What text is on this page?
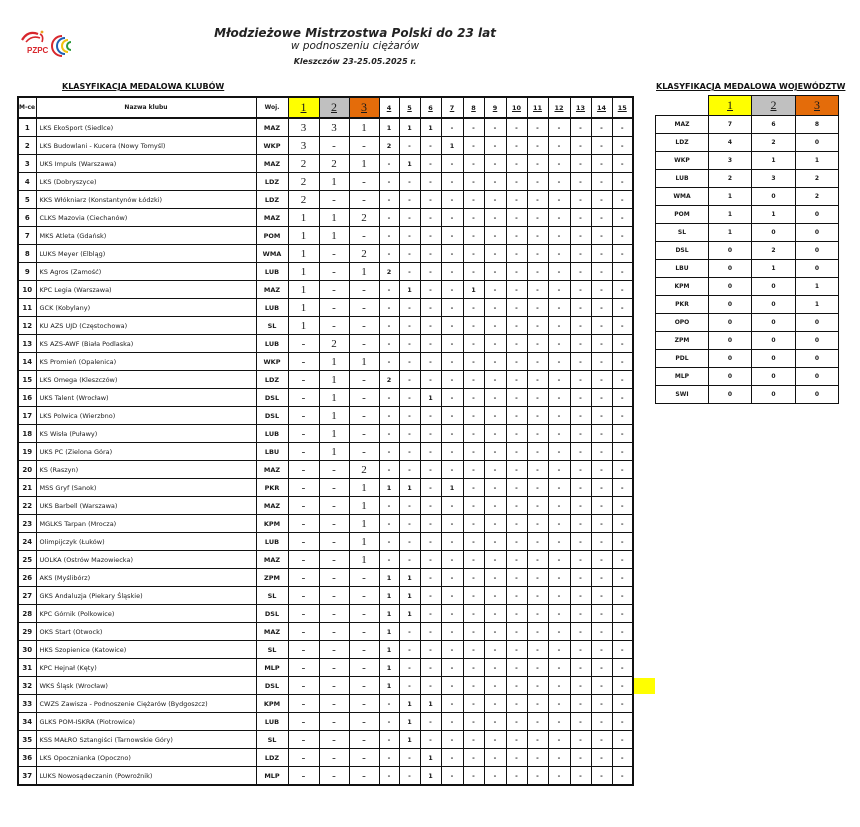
PZPC
Młodzieżowe Mistrzostwa Polski do 23 lat
w podnoszeniu ciężarów
Kleszczów 23-25.05.2025 r.
KLASYFIKACJA MEDALOWA KLUBÓW	KLASYFIKACJA MEDALOWA WOJEWÓDZTW
M-ce	Nazwa klubu	Woj.	1	2	3	4	5	6	7	8	9	10	11	12	13	14	15
1	LKS EkoSport (Siedlce)	MAZ	3	3	1	1	1	1	-	-	-	-	-	-	-	-	-
2	LKS Budowlani - Kucera (Nowy Tomyśl)	WKP	3	-	-	2	-	-	1	-	-	-	-	-	-	-	-
3	UKS Impuls (Warszawa)	MAZ	2	2	1	-	1	-	-	-	-	-	-	-	-	-	-
4	LKS (Dobryszyce)	LDZ	2	1	-	-	-	-	-	-	-	-	-	-	-	-	-
5	KKS Włókniarz (Konstantynów Łódzki)	LDZ	2	-	-	-	-	-	-	-	-	-	-	-	-	-	-
6	CLKS Mazovia (Ciechanów)	MAZ	1	1	2	-	-	-	-	-	-	-	-	-	-	-	-
7	MKS Atleta (Gdańsk)	POM	1	1	-	-	-	-	-	-	-	-	-	-	-	-	-
8	LUKS Meyer (Elbląg)	WMA	1	-	2	-	-	-	-	-	-	-	-	-	-	-	-
9	KS Agros (Zamość)	LUB	1	-	1	2	-	-	-	-	-	-	-	-	-	-	-
10	KPC Legia (Warszawa)	MAZ	1	-	-	-	1	-	-	1	-	-	-	-	-	-	-
11	GCK (Kobylany)	LUB	1	-	-	-	-	-	-	-	-	-	-	-	-	-	-
12	KU AZS UJD (Częstochowa)	SL	1	-	-	-	-	-	-	-	-	-	-	-	-	-	-
13	KS AZS-AWF (Biała Podlaska)	LUB	-	2	-	-	-	-	-	-	-	-	-	-	-	-	-
14	KS Promień (Opalenica)	WKP	-	1	1	-	-	-	-	-	-	-	-	-	-	-	-
15	LKS Omega (Kleszczów)	LDZ	-	1	-	2	-	-	-	-	-	-	-	-	-	-	-
16	UKS Talent (Wrocław)	DSL	-	1	-	-	-	1	-	-	-	-	-	-	-	-	-
17	LKS Polwica (Wierzbno)	DSL	-	1	-	-	-	-	-	-	-	-	-	-	-	-	-
18	KS Wisła (Puławy)	LUB	-	1	-	-	-	-	-	-	-	-	-	-	-	-	-
19	UKS PC (Zielona Góra)	LBU	-	1	-	-	-	-	-	-	-	-	-	-	-	-	-
20	KS (Raszyn)	MAZ	-	-	2	-	-	-	-	-	-	-	-	-	-	-	-
21	MSS Gryf (Sanok)	PKR	-	-	1	1	1	-	1	-	-	-	-	-	-	-	-
22	UKS Barbell (Warszawa)	MAZ	-	-	1	-	-	-	-	-	-	-	-	-	-	-	-
23	MGLKS Tarpan (Mrocza)	KPM	-	-	1	-	-	-	-	-	-	-	-	-	-	-	-
24	Olimpijczyk (Łuków)	LUB	-	-	1	-	-	-	-	-	-	-	-	-	-	-	-
25	UOLKA (Ostrów Mazowiecka)	MAZ	-	-	1	-	-	-	-	-	-	-	-	-	-	-	-
26	AKS (Myślibórz)	ZPM	-	-	-	1	1	-	-	-	-	-	-	-	-	-	-
27	GKS Andaluzja (Piekary Śląskie)	SL	-	-	-	1	1	-	-	-	-	-	-	-	-	-	-
28	KPC Górnik (Polkowice)	DSL	-	-	-	1	1	-	-	-	-	-	-	-	-	-	-
29	OKS Start (Otwock)	MAZ	-	-	-	1	-	-	-	-	-	-	-	-	-	-	-
30	HKS Szopienice (Katowice)	SL	-	-	-	1	-	-	-	-	-	-	-	-	-	-	-
31	KPC Hejnał (Kęty)	MLP	-	-	-	1	-	-	-	-	-	-	-	-	-	-	-
32	WKS Śląsk (Wrocław)	DSL	-	-	-	1	-	-	-	-	-	-	-	-	-	-	-
33	CWZS Zawisza - Podnoszenie Ciężarów (Bydgoszcz)	KPM	-	-	-	-	1	1	-	-	-	-	-	-	-	-	-
34	GLKS POM-ISKRA (Piotrowice)	LUB	-	-	-	-	1	-	-	-	-	-	-	-	-	-	-
35	KSS MAŁRO Sztangiści (Tarnowskie Góry)	SL	-	-	-	-	1	-	-	-	-	-	-	-	-	-	-
36	LKS Opocznianka (Opoczno)	LDZ	-	-	-	-	-	1	-	-	-	-	-	-	-	-	-
37	LUKS Nowosądeczanin (Powroźnik)	MLP	-	-	-	-	-	1	-	-	-	-	-	-	-	-	-
	1	2	3
MAZ	7	6	8
LDZ	4	2	0
WKP	3	1	1
LUB	2	3	2
WMA	1	0	2
POM	1	1	0
SL	1	0	0
DSL	0	2	0
LBU	0	1	0
KPM	0	0	1
PKR	0	0	1
OPO	0	0	0
ZPM	0	0	0
PDL	0	0	0
MLP	0	0	0
SWI	0	0	0
